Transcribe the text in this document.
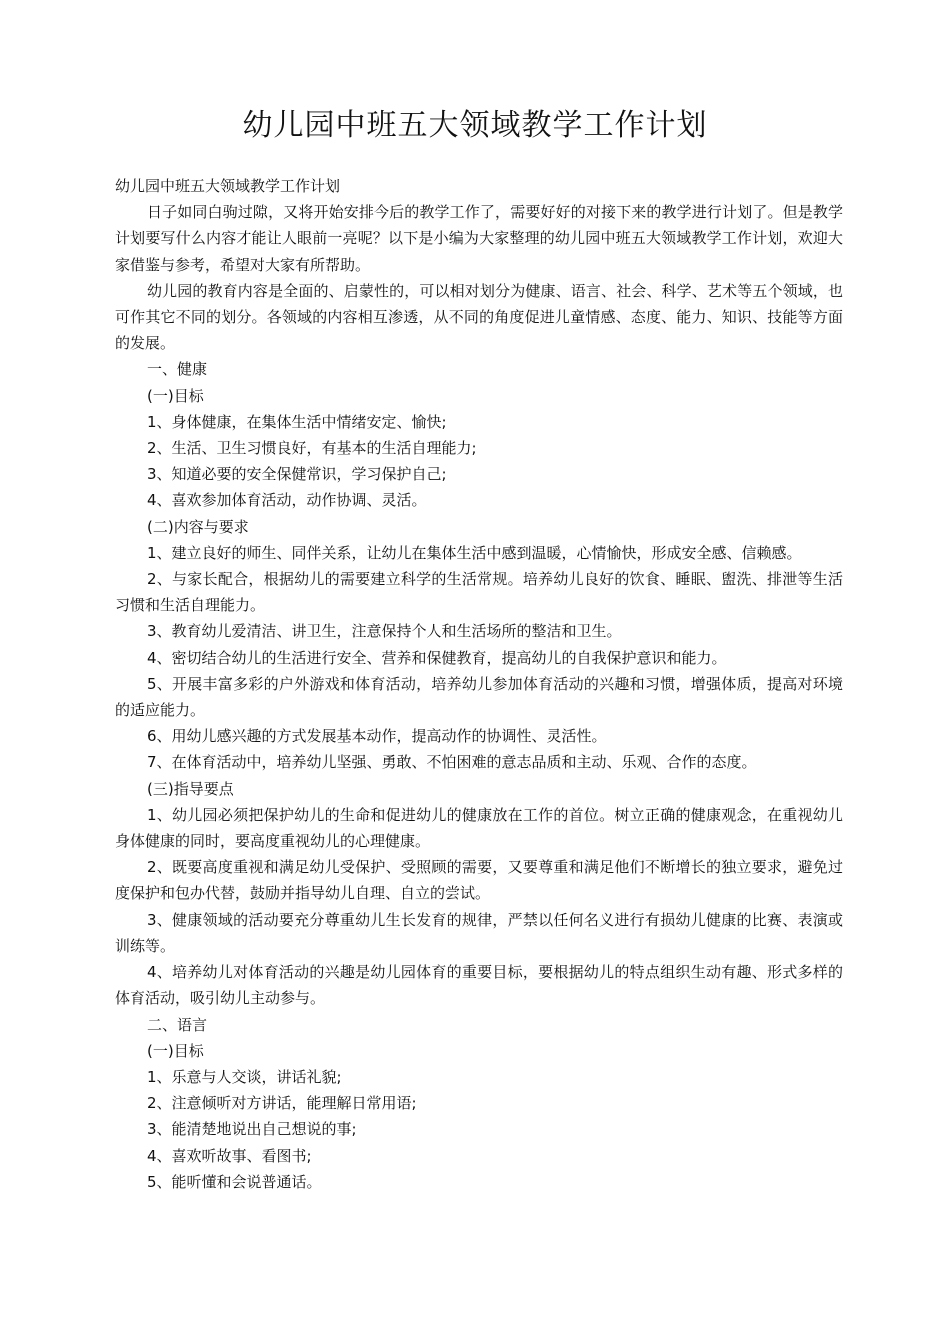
幼儿园中班五大领域教学工作计划

幼儿园中班五大领域教学工作计划

日子如同白驹过隙，又将开始安排今后的教学工作了，需要好好的对接下来的教学进行计划了。但是教学计划要写什么内容才能让人眼前一亮呢？以下是小编为大家整理的幼儿园中班五大领域教学工作计划，欢迎大家借鉴与参考，希望对大家有所帮助。

幼儿园的教育内容是全面的、启蒙性的，可以相对划分为健康、语言、社会、科学、艺术等五个领域，也可作其它不同的划分。各领域的内容相互渗透，从不同的角度促进儿童情感、态度、能力、知识、技能等方面的发展。

一、健康

(一)目标

1、身体健康，在集体生活中情绪安定、愉快;

2、生活、卫生习惯良好，有基本的生活自理能力;

3、知道必要的安全保健常识，学习保护自己;

4、喜欢参加体育活动，动作协调、灵活。

(二)内容与要求

1、建立良好的师生、同伴关系，让幼儿在集体生活中感到温暖，心情愉快，形成安全感、信赖感。

2、与家长配合，根据幼儿的需要建立科学的生活常规。培养幼儿良好的饮食、睡眠、盥洗、排泄等生活习惯和生活自理能力。

3、教育幼儿爱清洁、讲卫生，注意保持个人和生活场所的整洁和卫生。

4、密切结合幼儿的生活进行安全、营养和保健教育，提高幼儿的自我保护意识和能力。

5、开展丰富多彩的户外游戏和体育活动，培养幼儿参加体育活动的兴趣和习惯，增强体质，提高对环境的适应能力。

6、用幼儿感兴趣的方式发展基本动作，提高动作的协调性、灵活性。

7、在体育活动中，培养幼儿坚强、勇敢、不怕困难的意志品质和主动、乐观、合作的态度。

(三)指导要点

1、幼儿园必须把保护幼儿的生命和促进幼儿的健康放在工作的首位。树立正确的健康观念，在重视幼儿身体健康的同时，要高度重视幼儿的心理健康。

2、既要高度重视和满足幼儿受保护、受照顾的需要，又要尊重和满足他们不断增长的独立要求，避免过度保护和包办代替，鼓励并指导幼儿自理、自立的尝试。

3、健康领域的活动要充分尊重幼儿生长发育的规律，严禁以任何名义进行有损幼儿健康的比赛、表演或训练等。

4、培养幼儿对体育活动的兴趣是幼儿园体育的重要目标，要根据幼儿的特点组织生动有趣、形式多样的体育活动，吸引幼儿主动参与。

二、语言

(一)目标

1、乐意与人交谈，讲话礼貌;

2、注意倾听对方讲话，能理解日常用语;

3、能清楚地说出自己想说的事;

4、喜欢听故事、看图书;

5、能听懂和会说普通话。
